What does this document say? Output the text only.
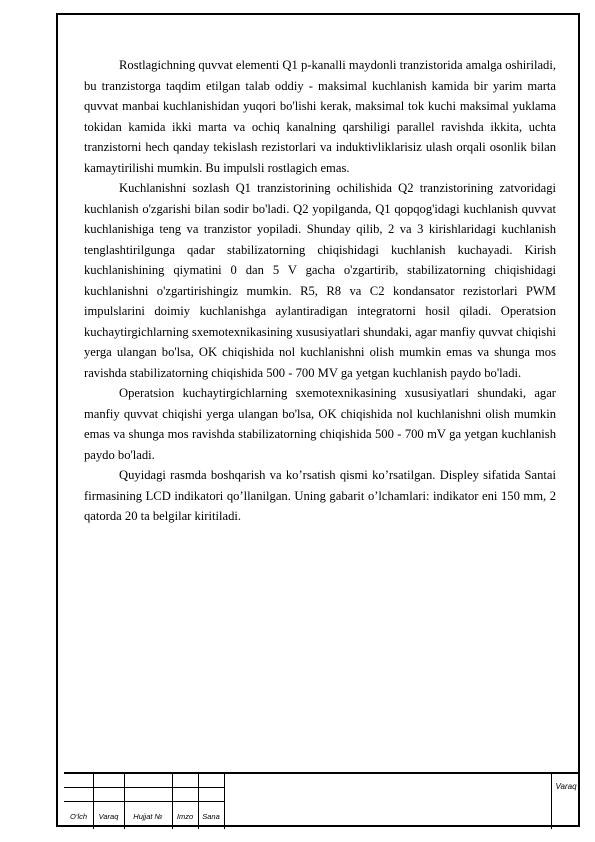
Rostlagichning quvvat elementi Q1 p-kanalli maydonli tranzistorida amalga oshiriladi, bu tranzistorga taqdim etilgan talab oddiy - maksimal kuchlanish kamida bir yarim marta quvvat manbai kuchlanishidan yuqori bo'lishi kerak, maksimal tok kuchi maksimal yuklama tokidan kamida ikki marta va ochiq kanalning qarshiligi parallel ravishda ikkita, uchta tranzistorni hech qanday tekislash rezistorlari va induktivliklarisiz ulash orqali osonlik bilan kamaytirilishi mumkin. Bu impulsli rostlagich emas.

Kuchlanishni sozlash Q1 tranzistorining ochilishida Q2 tranzistorining zatvoridagi kuchlanish o'zgarishi bilan sodir bo'ladi. Q2 yopilganda, Q1 qopqog'idagi kuchlanish quvvat kuchlanishiga teng va tranzistor yopiladi. Shunday qilib, 2 va 3 kirishlaridagi kuchlanish tenglashtirilgunga qadar stabilizatorning chiqishidagi kuchlanish kuchayadi. Kirish kuchlanishining qiymatini 0 dan 5 V gacha o'zgartirib, stabilizatorning chiqishidagi kuchlanishni o'zgartirishingiz mumkin. R5, R8 va C2 kondansator rezistorlari PWM impulslarini doimiy kuchlanishga aylantiradigan integratorni hosil qiladi. Operatsion kuchaytirgichlarning sxemotexnikasining xususiyatlari shundaki, agar manfiy quvvat chiqishi yerga ulangan bo'lsa, OK chiqishida nol kuchlanishni olish mumkin emas va shunga mos ravishda stabilizatorning chiqishida 500 - 700 MV ga yetgan kuchlanish paydo bo'ladi.

Operatsion kuchaytirgichlarning sxemotexnikasining xususiyatlari shundaki, agar manfiy quvvat chiqishi yerga ulangan bo'lsa, OK chiqishida nol kuchlanishni olish mumkin emas va shunga mos ravishda stabilizatorning chiqishida 500 - 700 mV ga yetgan kuchlanish paydo bo'ladi.

Quyidagi rasmda boshqarish va ko’rsatish qismi ko’rsatilgan. Displey sifatida Santai firmasining LCD indikatori qo’llanilgan. Uning gabarit o’lchamlari: indikator eni 150 mm, 2 qatorda 20 ta belgilar kiritiladi.

O‘lch	Varaq	Hujjat №	Imzo	Sana
Varaq
